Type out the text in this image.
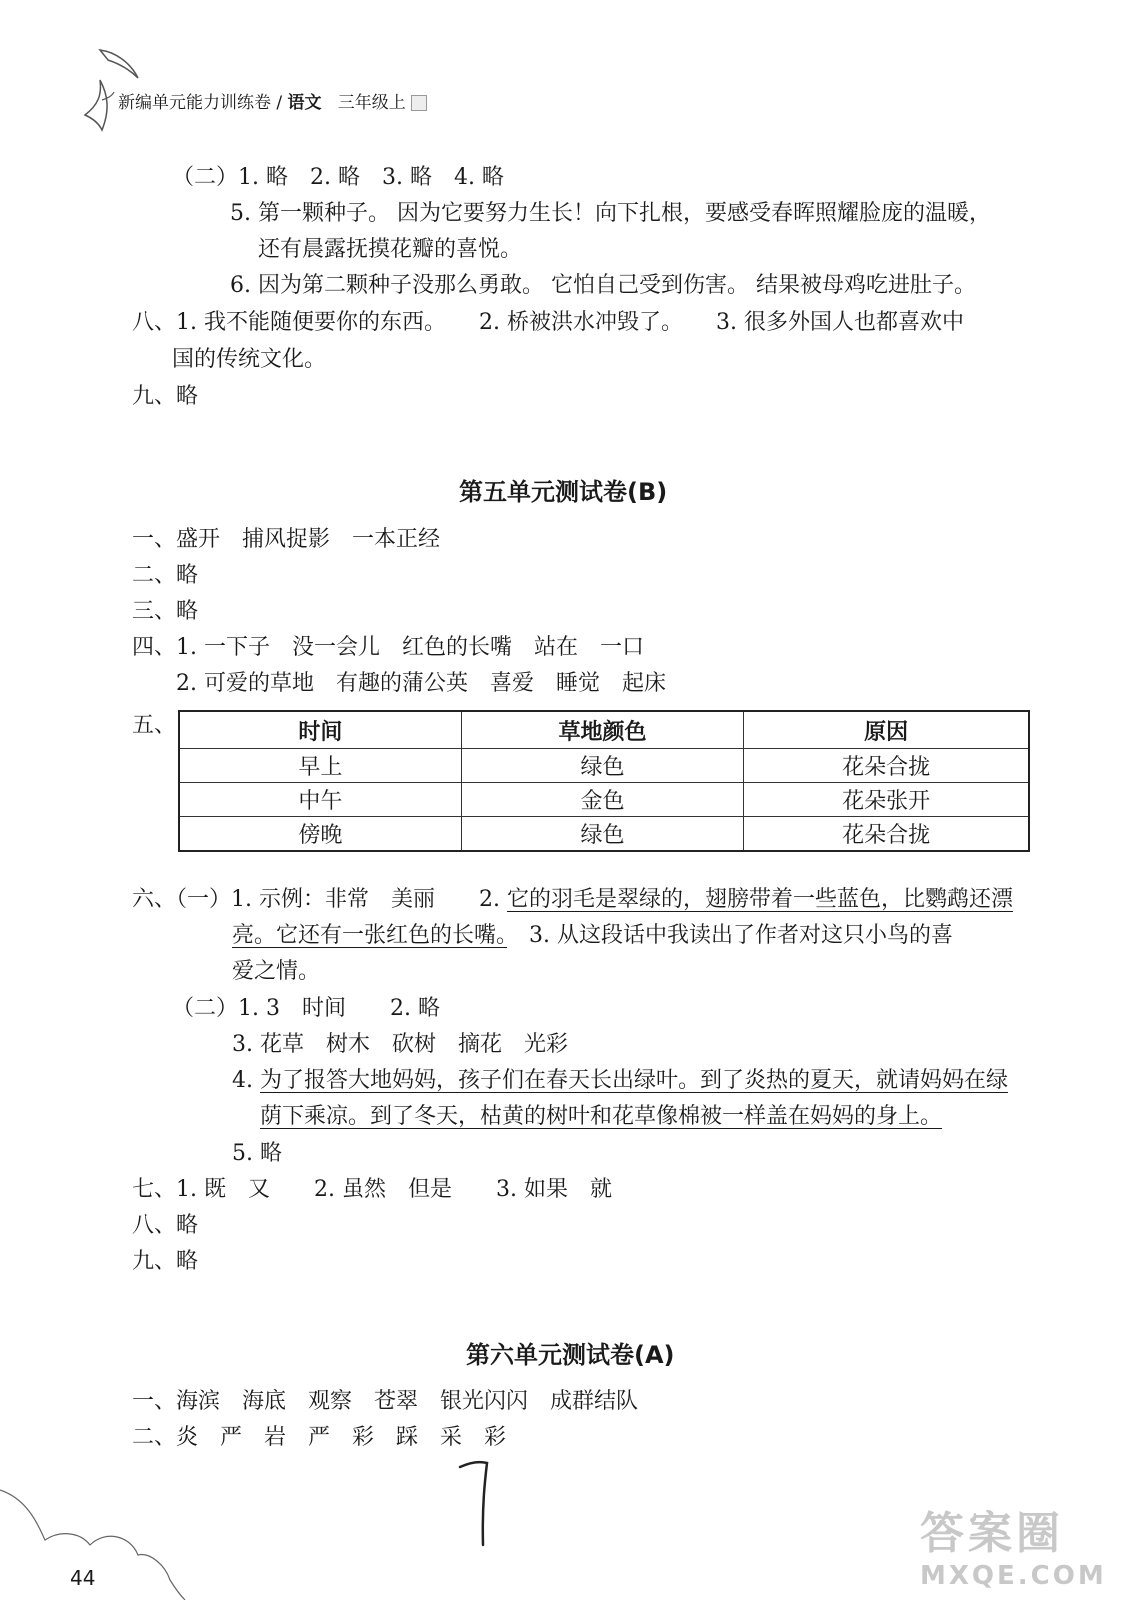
新编单元能力训练卷 / 语文 三年级上
（二）1. 略　2. 略　3. 略　4. 略
5. 第一颗种子。 因为它要努力生长！向下扎根，要感受春晖照耀脸庞的温暖，
还有晨露抚摸花瓣的喜悦。
6. 因为第二颗种子没那么勇敢。 它怕自己受到伤害。 结果被母鸡吃进肚子。
八、1. 我不能随便要你的东西。　　2. 桥被洪水冲毁了。　　3. 很多外国人也都喜欢中
国的传统文化。
九、略
第五单元测试卷(B)
一、盛开　捕风捉影　一本正经
二、略
三、略
四、1. 一下子　没一会儿　红色的长嘴　站在　一口
2. 可爱的草地　有趣的蒲公英　喜爱　睡觉　起床
五、	时间	草地颜色	原因
早上	绿色	花朵合拢
中午	金色	花朵张开
傍晚	绿色	花朵合拢
六、（一）1. 示例：非常　美丽　　2. 它的羽毛是翠绿的，翅膀带着一些蓝色，比鹦鹉还漂
亮。它还有一张红色的长嘴。　3. 从这段话中我读出了作者对这只小鸟的喜
爱之情。
（二）1. 3　时间　　2. 略
3. 花草　树木　砍树　摘花　光彩
4. 为了报答大地妈妈，孩子们在春天长出绿叶。到了炎热的夏天，就请妈妈在绿
荫下乘凉。到了冬天，枯黄的树叶和花草像棉被一样盖在妈妈的身上。
5. 略
七、1. 既　又　　2. 虽然　但是　　3. 如果　就
八、略
九、略
第六单元测试卷(A)
一、海滨　海底　观察　苍翠　银光闪闪　成群结队
二、炎　严　岩　严　彩　踩　采　彩
44
答案圈
MXQE.COM
